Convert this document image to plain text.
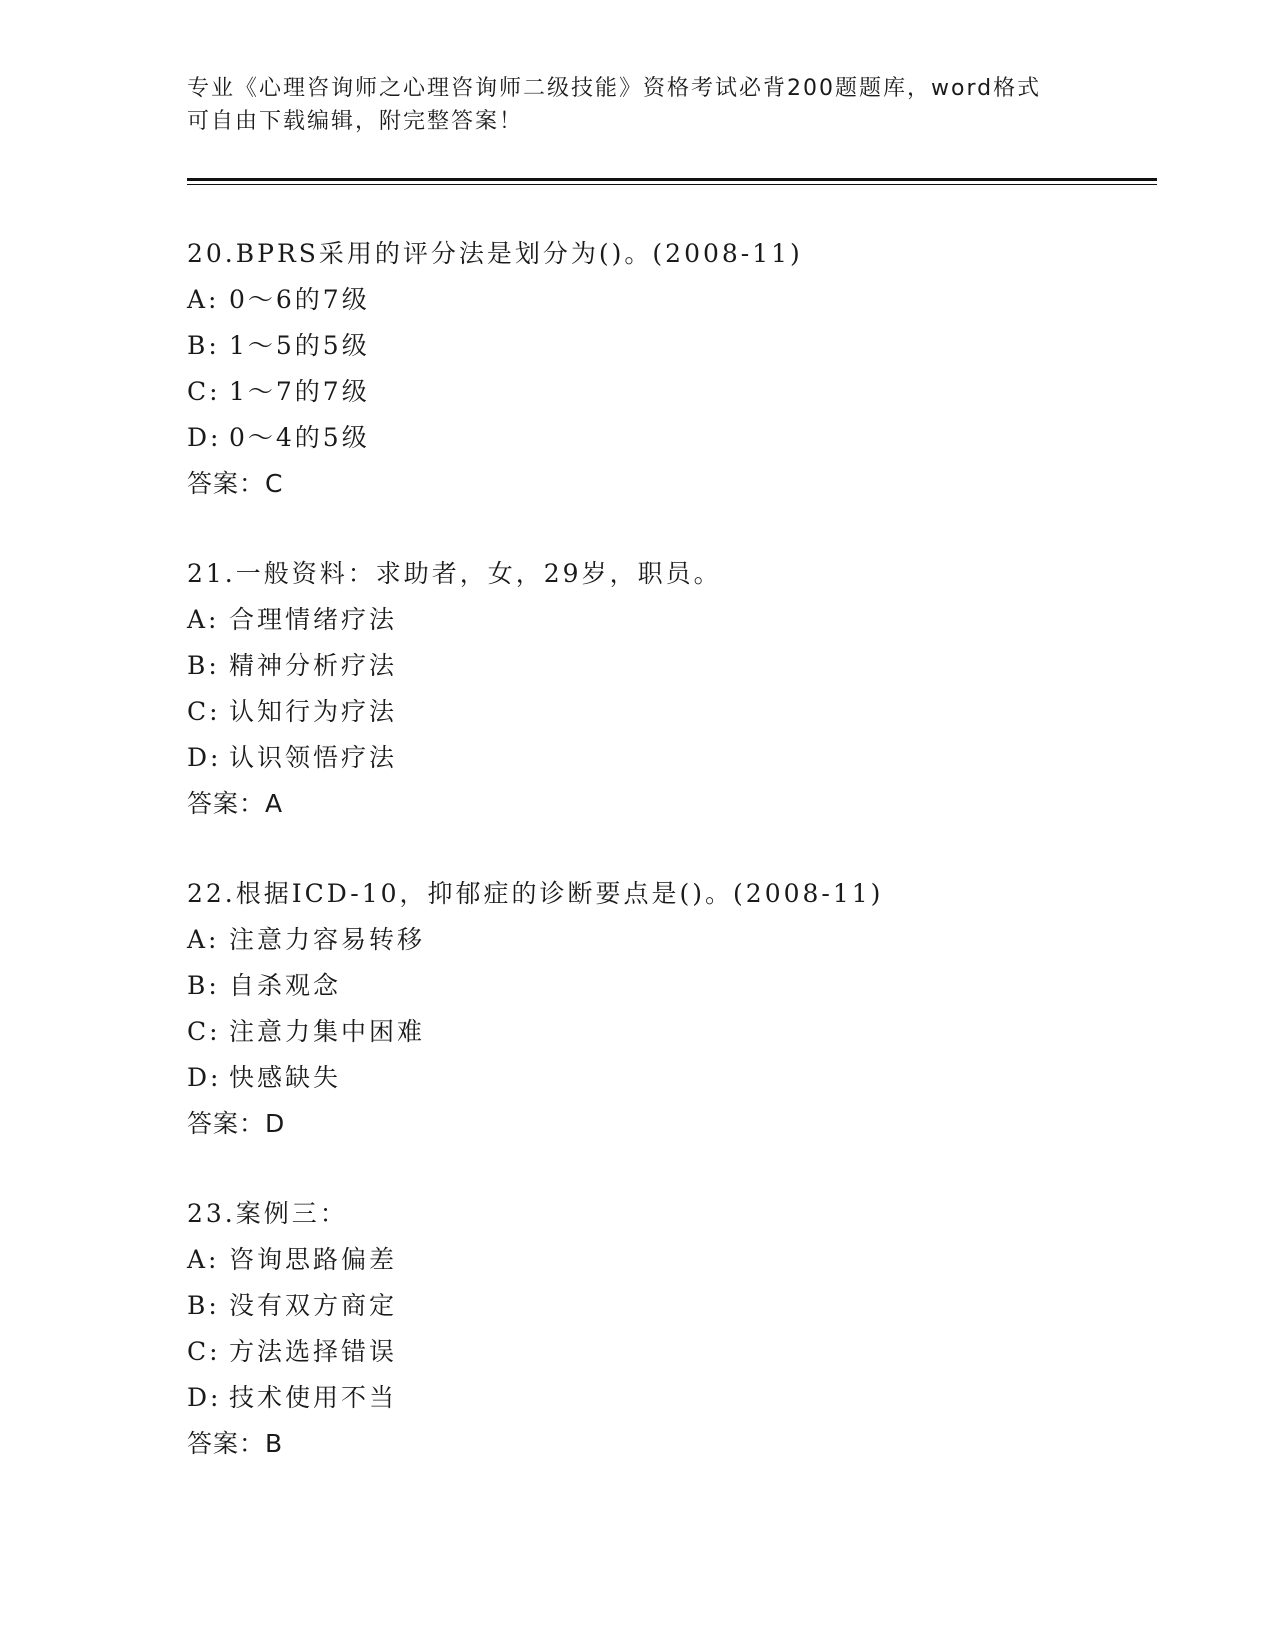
专业《心理咨询师之心理咨询师二级技能》资格考试必背200题题库，word格式
可自由下载编辑，附完整答案！
20.BPRS采用的评分法是划分为()。(2008-11)
A: 0～6的7级
B: 1～5的5级
C: 1～7的7级
D: 0～4的5级
答案：C
21.一般资料：求助者，女，29岁，职员。
A: 合理情绪疗法
B: 精神分析疗法
C: 认知行为疗法
D: 认识领悟疗法
答案：A
22.根据ICD-10，抑郁症的诊断要点是()。(2008-11)
A: 注意力容易转移
B: 自杀观念
C: 注意力集中困难
D: 快感缺失
答案：D
23.案例三：
A: 咨询思路偏差
B: 没有双方商定
C: 方法选择错误
D: 技术使用不当
答案：B
